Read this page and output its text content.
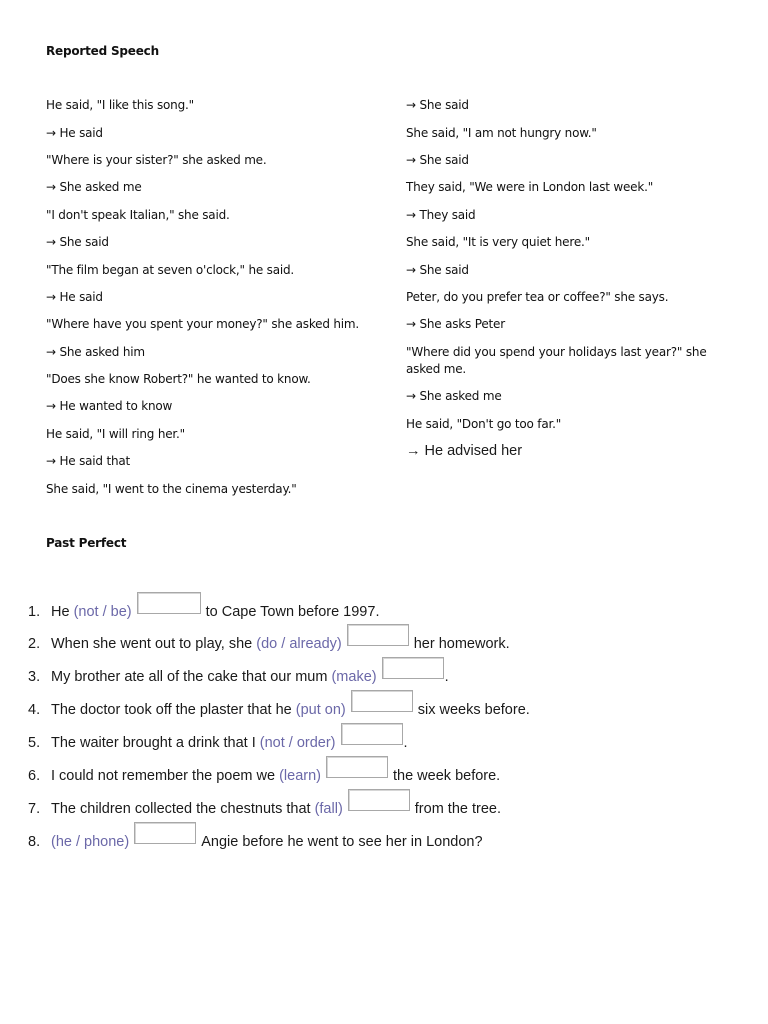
Reported Speech
He said, "I like this song."
→ He said
"Where is your sister?" she asked me.
→ She asked me
"I don't speak Italian," she said.
→ She said
"The film began at seven o'clock," he said.
→ He said
"Where have you spent your money?" she asked him.
→ She asked him
"Does she know Robert?" he wanted to know.
→ He wanted to know
He said, "I will ring her."
→ He said that
She said, "I went to the cinema yesterday."
→ She said
She said, "I am not hungry now."
→ She said
They said, "We were in London last week."
→ They said
She said, "It is very quiet here."
→ She said
Peter, do you prefer tea or coffee?" she says.
→ She asks Peter
"Where did you spend your holidays last year?" she asked me.
→ She asked me
He said, "Don't go too far."
→ He advised her
Past Perfect
1. He
(not / be)	to Cape Town before 1997.
2. When she went out to play, she
(do / already)	her homework.
3. My brother ate all of the cake that our mum
(make)	.
4. The doctor took off the plaster that he
(put on)	six weeks before.
5. The waiter brought a drink that I
(not / order)	.
6. I could not remember the poem we
(learn)	the week before.
7. The children collected the chestnuts that
(fall)	from the tree.
8. (he / phone)	Angie before he went to see her in London?
